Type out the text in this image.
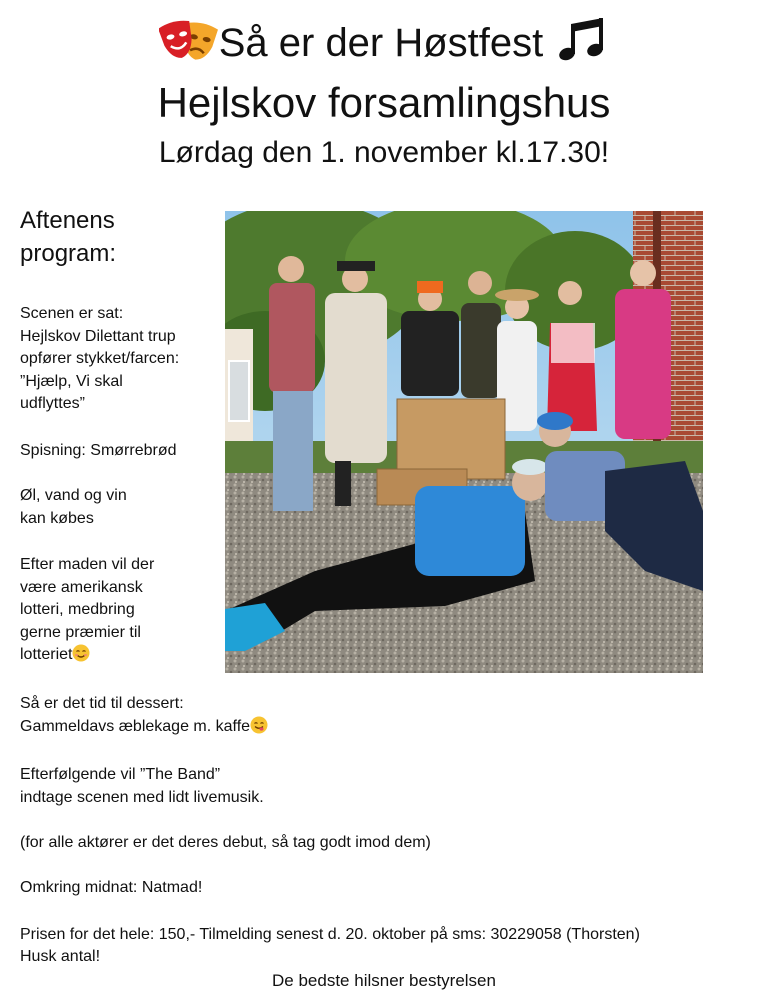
Så er der Høstfest
Hejlskov forsamlingshus
Lørdag den 1. november kl.17.30!
Aftenens
program:
Scenen er sat:
Hejlskov Dilettant trup
opfører stykket/farcen:
”Hjælp, Vi skal
udflyttes”
Spisning: Smørrebrød
Øl, vand og vin
kan købes
Efter maden vil der
være amerikansk
lotteri, medbring
gerne præmier til
lotteriet
Så er det tid til dessert:
Gammeldavs æblekage m. kaffe
Efterfølgende vil ”The Band”
indtage scenen med lidt livemusik.
(for alle aktører er det deres debut, så tag godt imod dem)
Omkring midnat: Natmad!
Prisen for det hele: 150,- Tilmelding senest d. 20. oktober på sms: 30229058 (Thorsten)
Husk antal!
De bedste hilsner bestyrelsen
